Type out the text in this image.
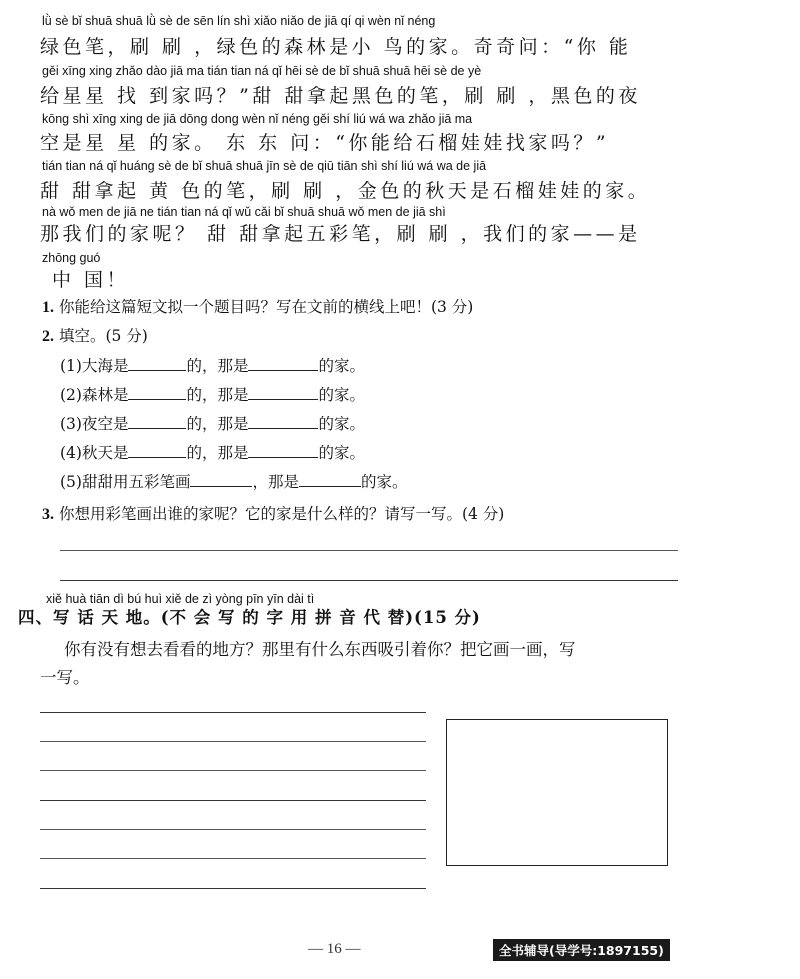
lǜ sè bǐ shuā shuā lǜ sè de sēn lín shì xiǎo niǎo de jiā qí qi wèn nǐ néng
绿色笔，刷 刷 ，绿色的森林是小 鸟的家。奇奇问：“你 能
gěi xīng xing zhǎo dào jiā ma tián tian ná qǐ hēi sè de bǐ shuā shuā hēi sè de yè
给星星 找 到家吗？”甜 甜拿起黑色的笔，刷 刷 ，黑色的夜
kōng shì xīng xing de jiā dōng dong wèn nǐ néng gěi shí liú wá wa zhǎo jiā ma
空是星 星 的家。 东 东 问：“你能给石榴娃娃找家吗？”
tián tian ná qǐ huáng sè de bǐ shuā shuā jīn sè de qiū tiān shì shí liú wá wa de jiā
甜 甜拿起 黄 色的笔，刷 刷 ，金色的秋天是石榴娃娃的家。
nà wǒ men de jiā ne tián tian ná qǐ wǔ cǎi bǐ shuā shuā wǒ men de jiā shì
那我们的家呢？ 甜 甜拿起五彩笔，刷 刷 ，我们的家——是
zhōng guó
中 国！
1. 你能给这篇短文拟一个题目吗？写在文前的横线上吧！(3 分)
2. 填空。(5 分)
(1)大海是	的，那是	的家。
(2)森林是	的，那是	的家。
(3)夜空是	的，那是	的家。
(4)秋天是	的，那是	的家。
(5)甜甜用五彩笔画	，那是	的家。
3. 你想用彩笔画出谁的家呢？它的家是什么样的？请写一写。(4 分)
xiě huà tiān dì bú huì xiě de zì yòng pīn yīn dài tì
四、写 话 天 地。(不 会 写 的 字 用 拼 音 代 替)(15 分)
你有没有想去看看的地方？那里有什么东西吸引着你？把它画一画，写
一写。
— 16 —	全书辅导(导学号:1897155)
